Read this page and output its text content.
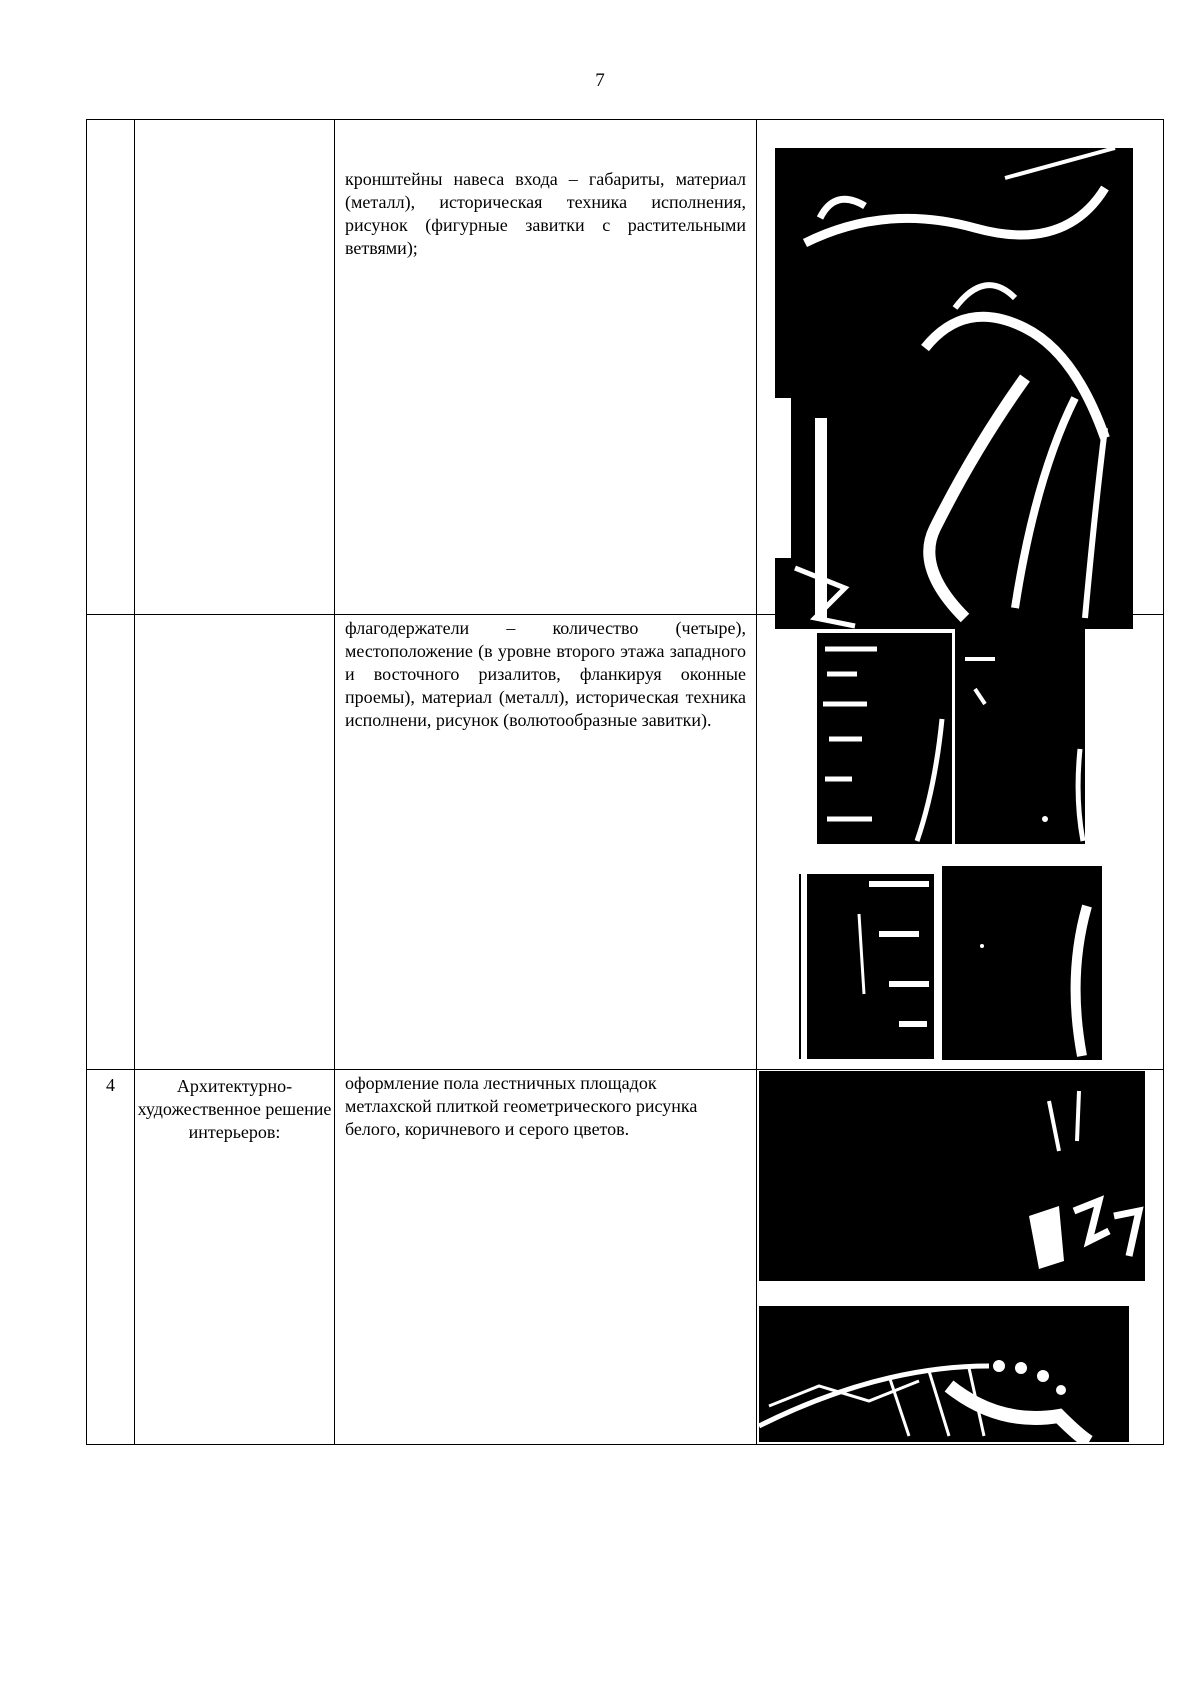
7

		кронштейны навеса входа – габариты, материал (металл), историческая техника исполнения, рисунок (фигурные завитки с растительными ветвями);

		флагодержатели – количество (четыре), местоположение (в уровне второго этажа западного и восточного ризалитов, фланкируя оконные проемы), материал (металл), историческая техника исполнени, рисунок (волютообразные завитки).

4	Архитектурно-художественное решение интерьеров:	оформление пола лестничных площадок метлахской плиткой геометрического рисунка белого, коричневого и серого цветов.
